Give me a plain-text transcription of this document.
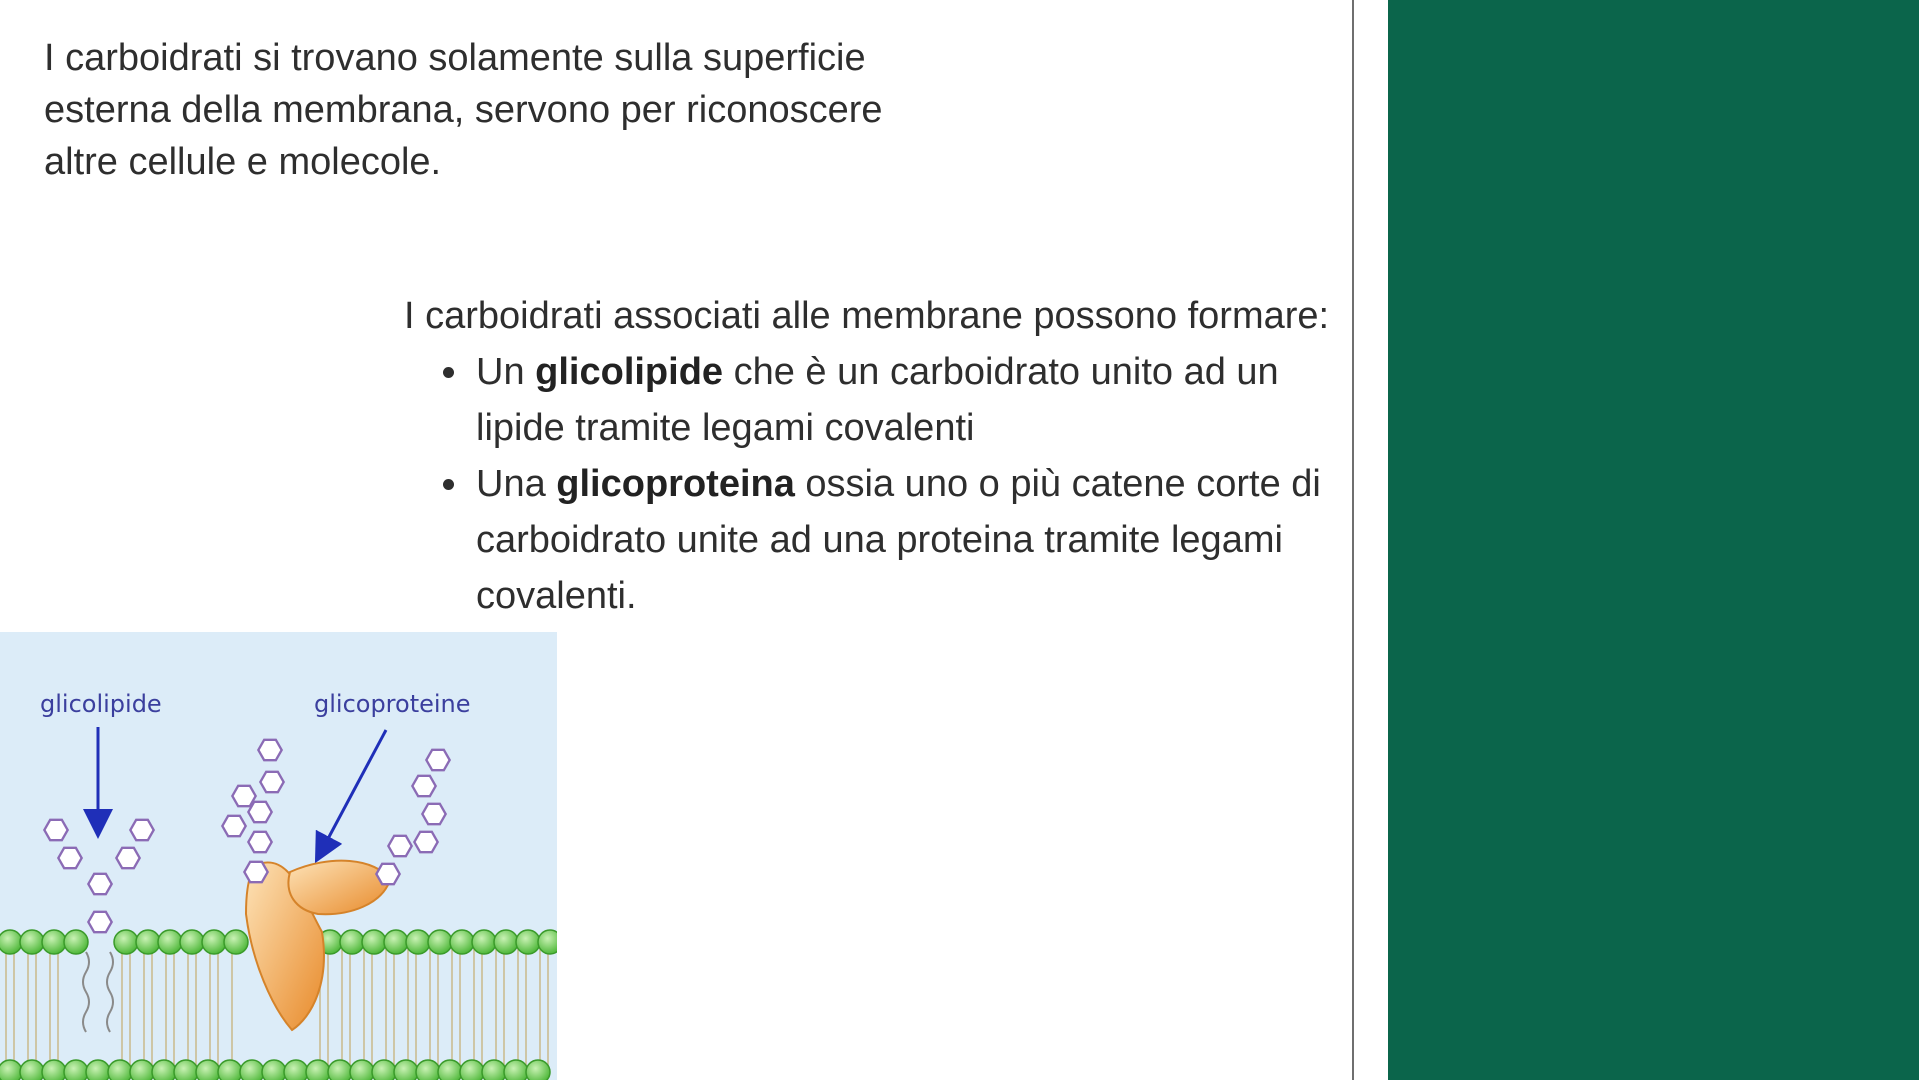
I carboidrati si trovano solamente sulla superficie esterna della membrana, servono per riconoscere altre cellule e molecole.

I carboidrati associati alle membrane possono formare:

• Un glicolipide che è un carboidrato unito ad un lipide tramite legami covalenti
• Una glicoproteina ossia uno o più catene corte di carboidrato unite ad una proteina tramite legami covalenti.
glicolipide	glicoproteine
